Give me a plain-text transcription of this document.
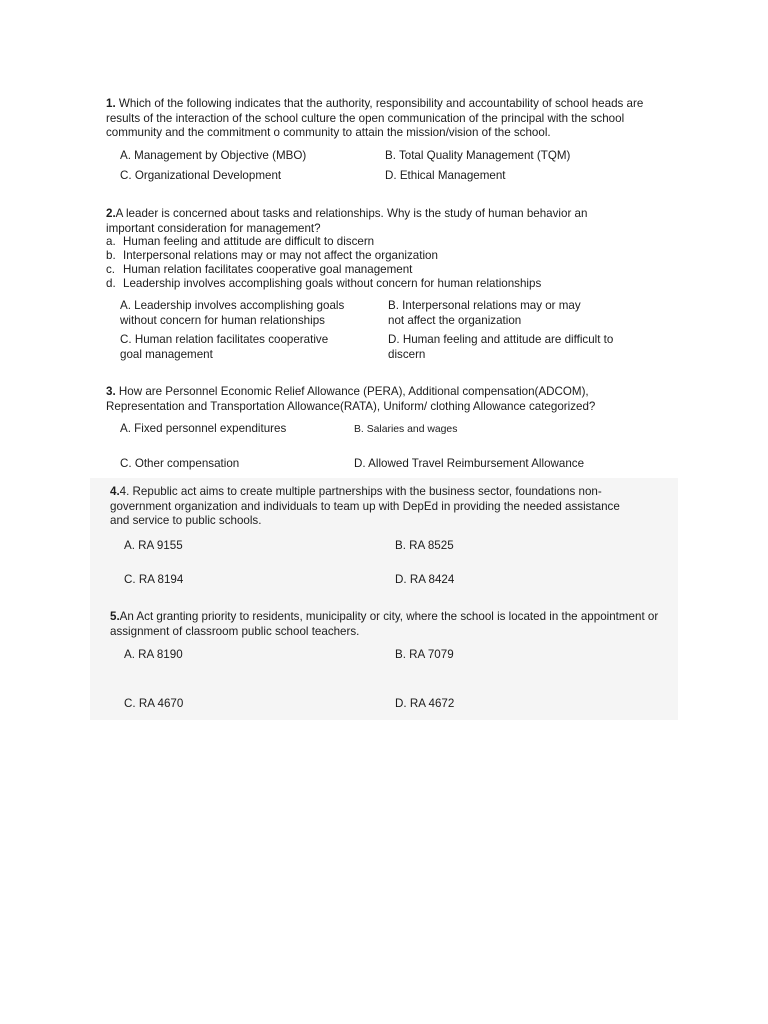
1. Which of the following indicates that the authority, responsibility and accountability of school heads are
results of the interaction of the school culture the open communication of the principal with the school
community and the commitment o community to attain the mission/vision of the school.
A. Management by Objective (MBO)	B. Total Quality Management (TQM)
C. Organizational Development	D. Ethical Management
2.A leader is concerned about tasks and relationships. Why is the study of human behavior an
important consideration for management?
a. Human feeling and attitude are difficult to discern
b. Interpersonal relations may or may not affect the organization
c. Human relation facilitates cooperative goal management
d. Leadership involves accomplishing goals without concern for human relationships
A. Leadership involves accomplishing goals
without concern for human relationships
B. Interpersonal relations may or may
not affect the organization
C. Human relation facilitates cooperative
goal management
D. Human feeling and attitude are difficult to
discern
3. How are Personnel Economic Relief Allowance (PERA), Additional compensation(ADCOM),
Representation and Transportation Allowance(RATA), Uniform/ clothing Allowance categorized?
A. Fixed personnel expenditures	B. Salaries and wages
C. Other compensation	D. Allowed Travel Reimbursement Allowance
4.4. Republic act aims to create multiple partnerships with the business sector, foundations non-
government organization and individuals to team up with DepEd in providing the needed assistance
and service to public schools.
A. RA 9155	B. RA 8525
C. RA 8194	D. RA 8424
5.An Act granting priority to residents, municipality or city, where the school is located in the appointment or
assignment of classroom public school teachers.
A. RA 8190	B. RA 7079
C. RA 4670	D. RA 4672
